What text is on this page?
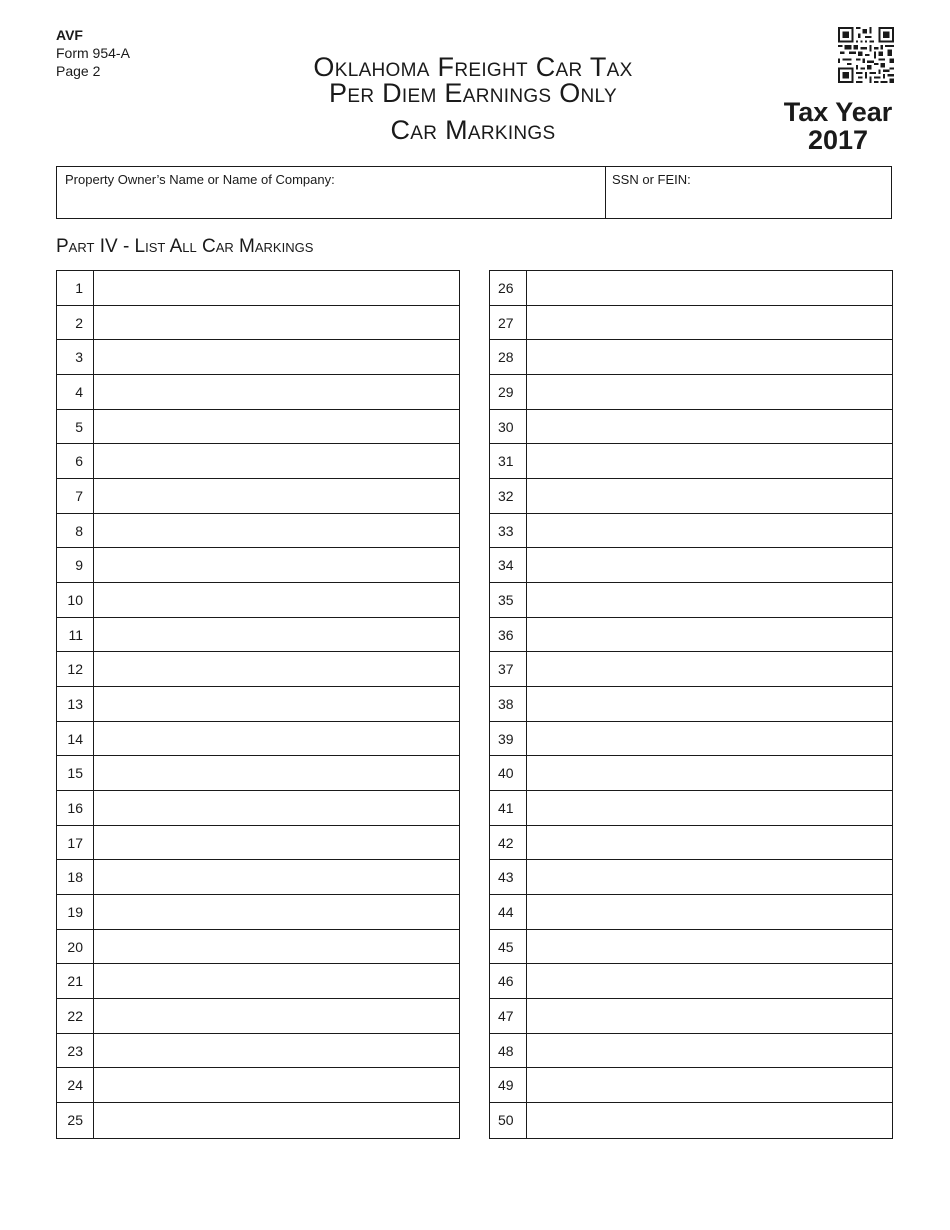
AVF
Form 954-A
Page 2	Oklahoma Freight Car Tax
Per Diem Earnings Only
Car Markings
Tax Year
2017
Property Owner’s Name or Name of Company:	SSN or FEIN:
Part IV - List All Car Markings
1
2
3
4
5
6
7
8
9
10
11
12
13
14
15
16
17
18
19
20
21
22
23
24
25
26
27
28
29
30
31
32
33
34
35
36
37
38
39
40
41
42
43
44
45
46
47
48
49
50
